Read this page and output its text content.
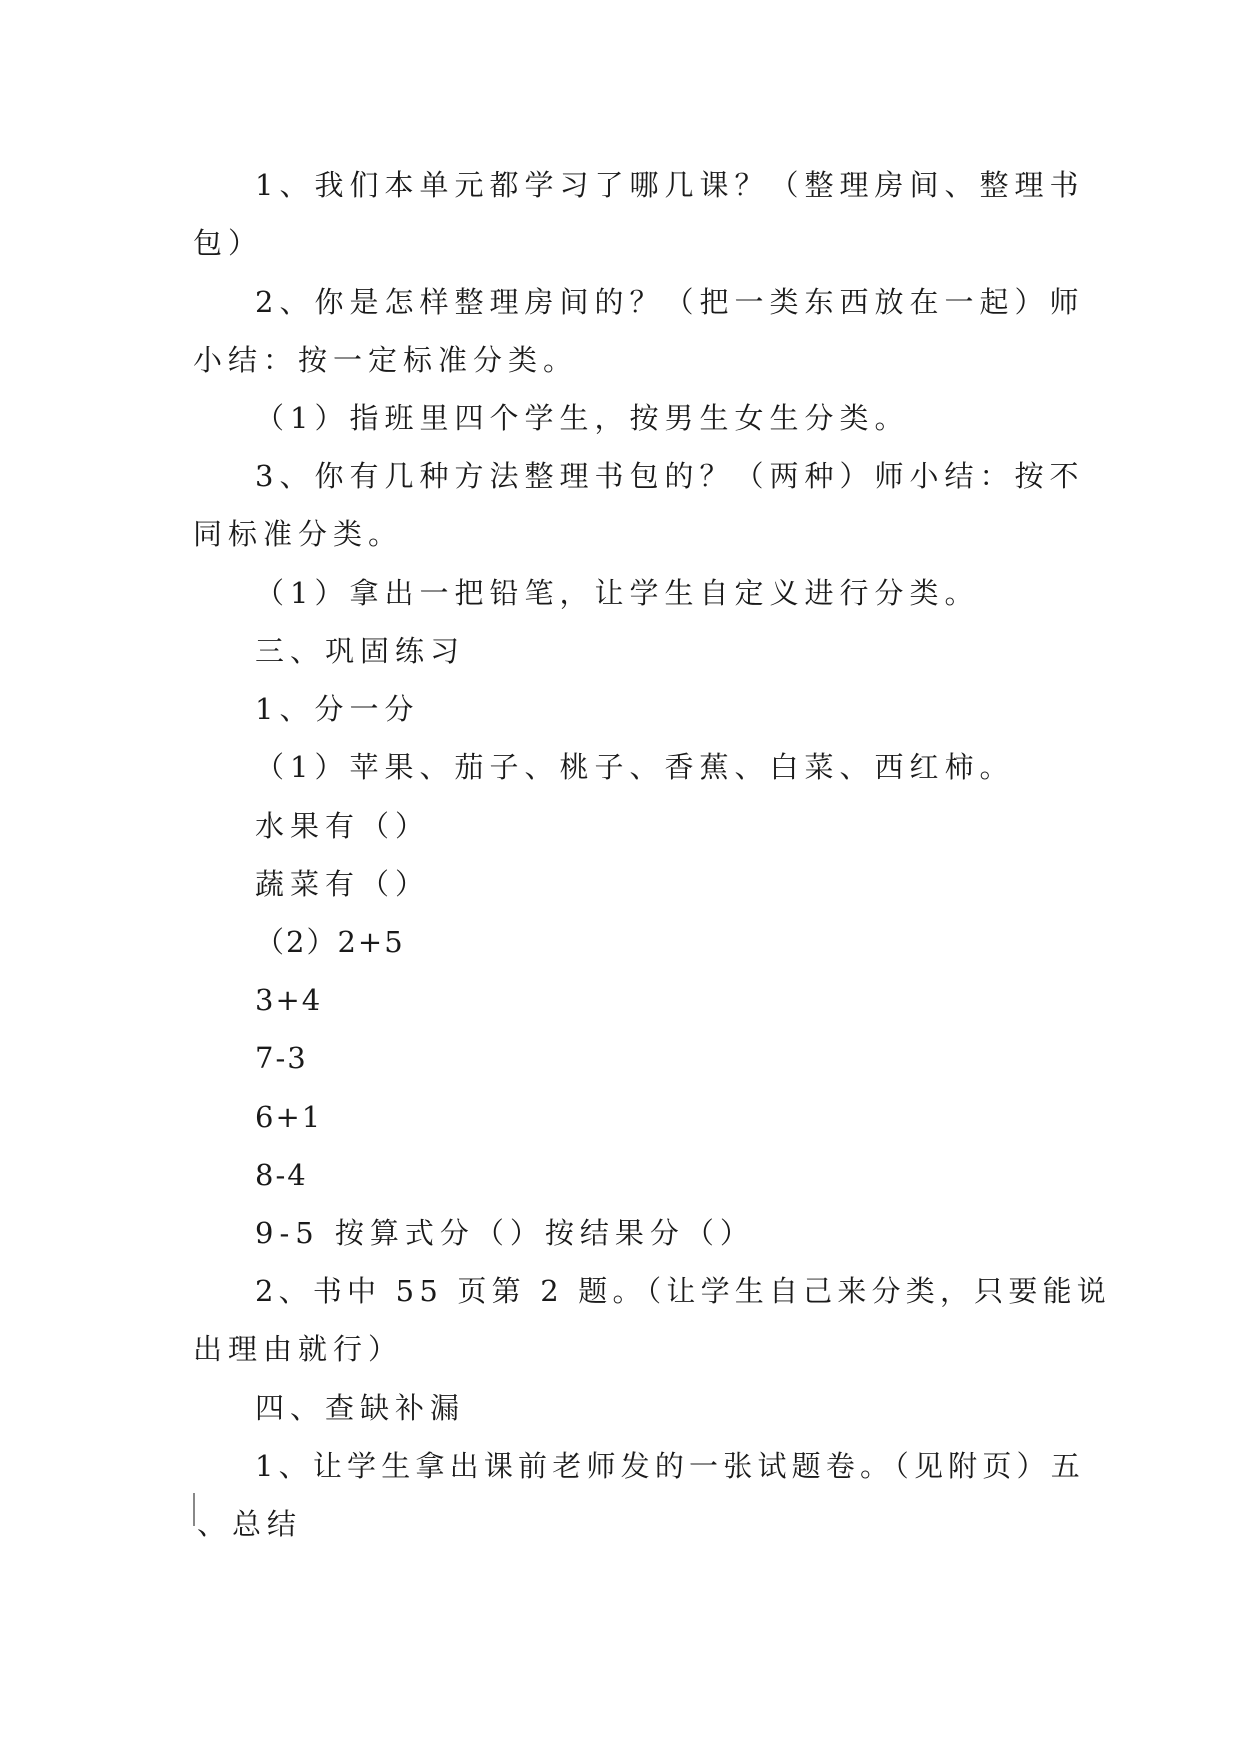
1、我们本单元都学习了哪几课？（整理房间、整理书
包）
2、你是怎样整理房间的？（把一类东西放在一起）师
小结：按一定标准分类。
（1）指班里四个学生，按男生女生分类。
3、你有几种方法整理书包的？（两种）师小结：按不
同标准分类。
（1）拿出一把铅笔，让学生自定义进行分类。
三、巩固练习
1、分一分
（1）苹果、茄子、桃子、香蕉、白菜、西红柿。
水果有（）
蔬菜有（）
（2）2+5
3+4
7-3
6+1
8-4
9-5 按算式分（）按结果分（）
2、书中 55 页第 2 题。（让学生自己来分类，只要能说
出理由就行）
四、查缺补漏
1、让学生拿出课前老师发的一张试题卷。（见附页）五
、总结
